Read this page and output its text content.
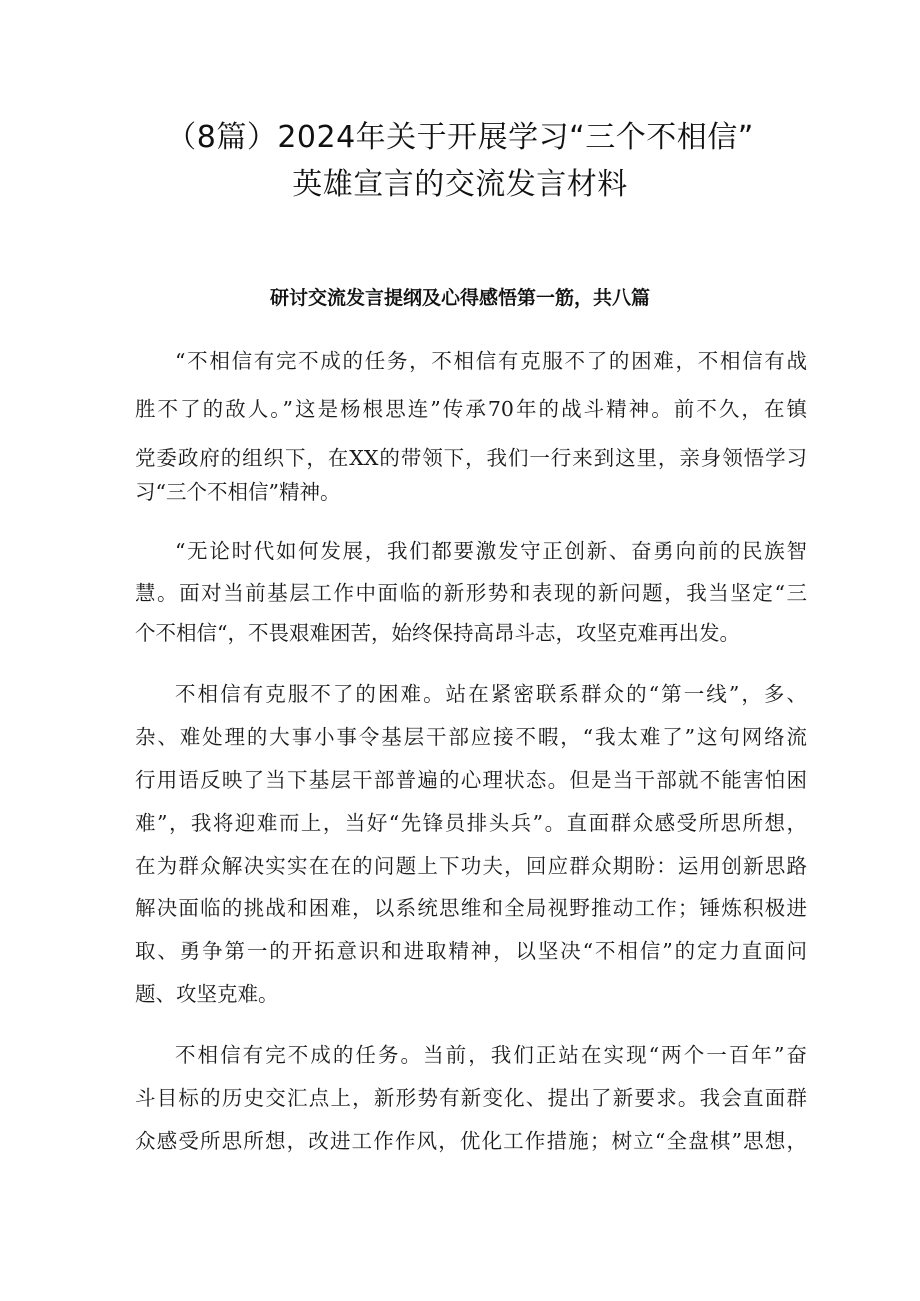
（8篇）2024年关于开展学习“三个不相信”
英雄宣言的交流发言材料
研讨交流发言提纲及心得感悟第一筋，共八篇
“不相信有完不成的任务，不相信有克服不了的困难，不相信有战
胜不了的敌人。”这是杨根思连”传承70年的战斗精神。前不久，在镇
党委政府的组织下，在XX的带领下，我们一行来到这里，亲身领悟学习
习“三个不相信”精神。
“无论时代如何发展，我们都要激发守正创新、奋勇向前的民族智
慧。面对当前基层工作中面临的新形势和表现的新问题，我当坚定“三
个不相信“，不畏艰难困苦，始终保持高昂斗志，攻坚克难再出发。
不相信有克服不了的困难。站在紧密联系群众的“第一线”，多、
杂、难处理的大事小事令基层干部应接不暇，“我太难了”这句网络流
行用语反映了当下基层干部普遍的心理状态。但是当干部就不能害怕困
难”，我将迎难而上，当好“先锋员排头兵”。直面群众感受所思所想，
在为群众解决实实在在的问题上下功夫，回应群众期盼：运用创新思路
解决面临的挑战和困难，以系统思维和全局视野推动工作；锤炼积极进
取、勇争第一的开拓意识和进取精神，以坚决“不相信”的定力直面问
题、攻坚克难。
不相信有完不成的任务。当前，我们正站在实现“两个一百年”奋
斗目标的历史交汇点上，新形势有新变化、提出了新要求。我会直面群
众感受所思所想，改进工作作风，优化工作措施；树立“全盘棋”思想，
